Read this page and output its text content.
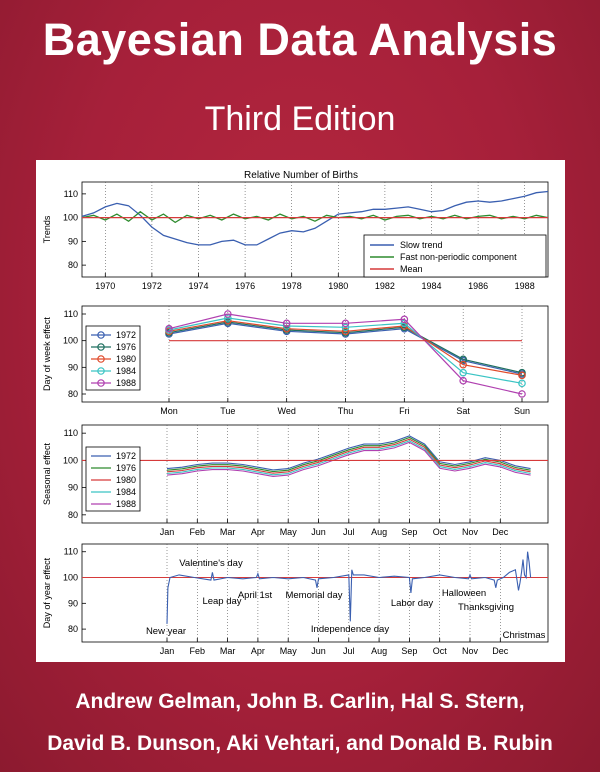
Bayesian Data Analysis
Third Edition
Relative Number of Births
80
90
100
110
Trends
1970	1972	1974	1976	1978	1980	1982	1984	1986	1988
Slow trend
Fast non-periodic component
Mean
80
90
100
110
Day of week effect
Mon	Tue	Wed	Thu	Fri	Sat	Sun
1972
1976
1980
1984
1988
80
90
100
110
Seasonal effect
Jan Feb Mar Apr May Jun Jul Aug Sep Oct Nov Dec
1972
1976
1980
1984
1988
80
90
100
110
Day of year effect
Jan Feb Mar Apr May Jun Jul Aug Sep Oct Nov Dec
New year
Valentine's day
Leap day
April 1st Memorial day
Independence day
Labor day
Halloween
Thanksgiving
Christmas
Andrew Gelman, John B. Carlin, Hal S. Stern,
David B. Dunson, Aki Vehtari, and Donald B. Rubin
